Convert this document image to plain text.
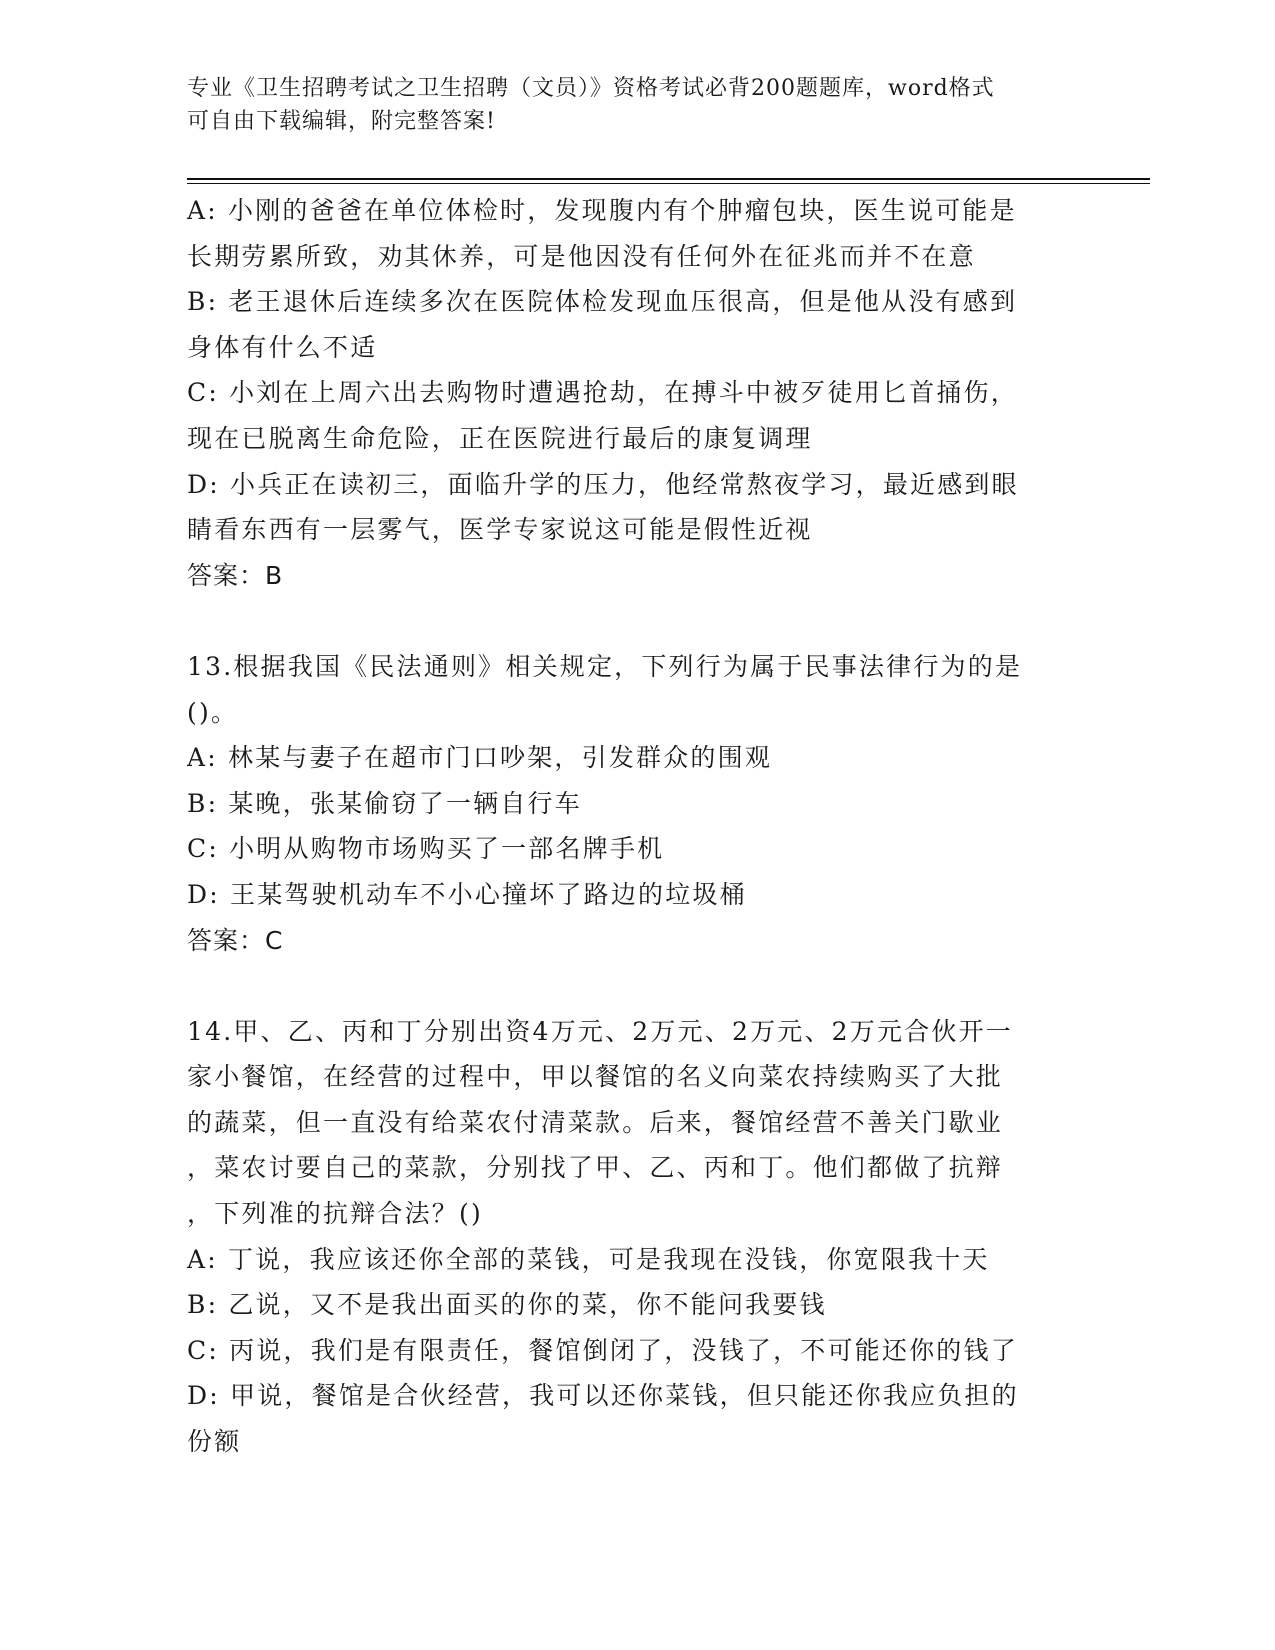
专业《卫生招聘考试之卫生招聘（文员）》资格考试必背200题题库，word格式
可自由下载编辑，附完整答案!
A: 小刚的爸爸在单位体检时，发现腹内有个肿瘤包块，医生说可能是
长期劳累所致，劝其休养，可是他因没有任何外在征兆而并不在意
B: 老王退休后连续多次在医院体检发现血压很高，但是他从没有感到
身体有什么不适
C: 小刘在上周六出去购物时遭遇抢劫，在搏斗中被歹徒用匕首捅伤，
现在已脱离生命危险，正在医院进行最后的康复调理
D: 小兵正在读初三，面临升学的压力，他经常熬夜学习，最近感到眼
睛看东西有一层雾气，医学专家说这可能是假性近视
答案：B
13.根据我国《民法通则》相关规定，下列行为属于民事法律行为的是
()。
A: 林某与妻子在超市门口吵架，引发群众的围观
B: 某晚，张某偷窃了一辆自行车
C: 小明从购物市场购买了一部名牌手机
D: 王某驾驶机动车不小心撞坏了路边的垃圾桶
答案：C
14.甲、乙、丙和丁分别出资4万元、2万元、2万元、2万元合伙开一
家小餐馆，在经营的过程中，甲以餐馆的名义向菜农持续购买了大批
的蔬菜，但一直没有给菜农付清菜款。后来，餐馆经营不善关门歇业
，菜农讨要自己的菜款，分别找了甲、乙、丙和丁。他们都做了抗辩
，下列准的抗辩合法？()
A: 丁说，我应该还你全部的菜钱，可是我现在没钱，你宽限我十天
B: 乙说，又不是我出面买的你的菜，你不能问我要钱
C: 丙说，我们是有限责任，餐馆倒闭了，没钱了，不可能还你的钱了
D: 甲说，餐馆是合伙经营，我可以还你菜钱，但只能还你我应负担的
份额
